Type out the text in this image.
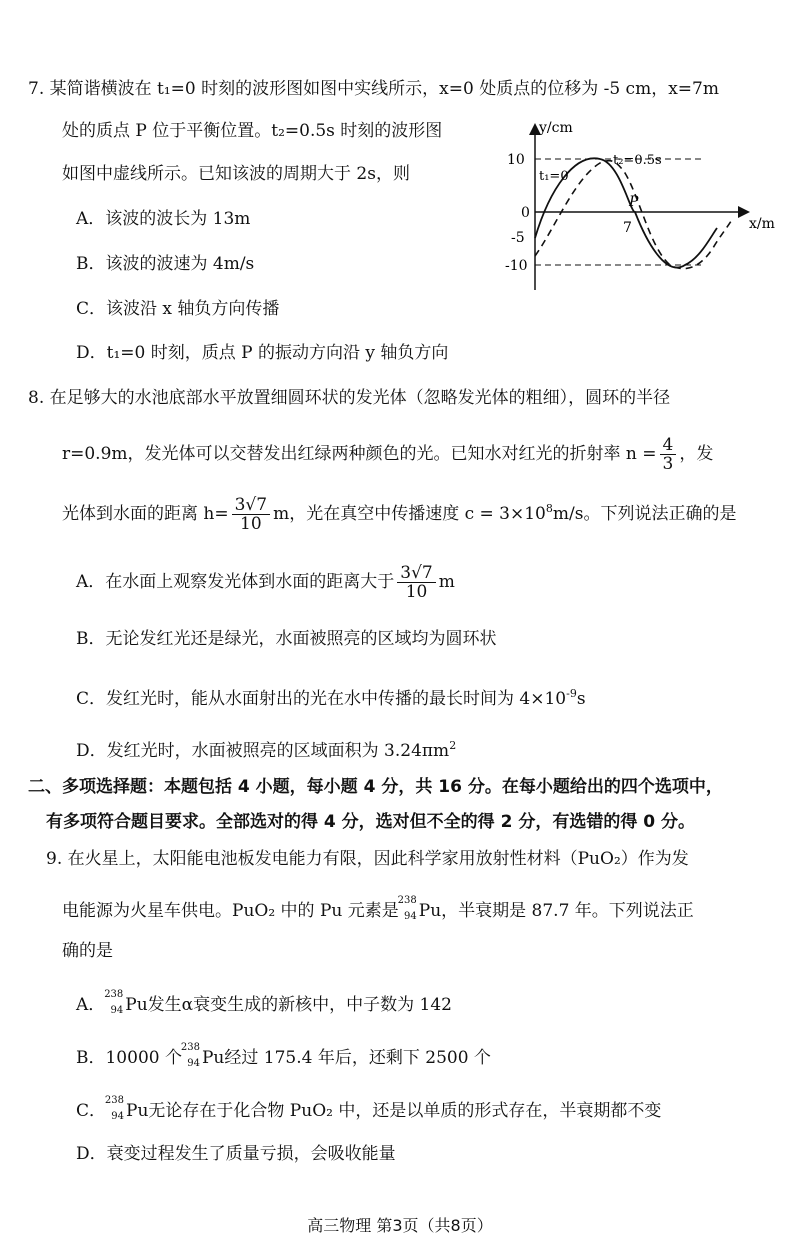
7. 某简谐横波在 t₁=0 时刻的波形图如图中实线所示，x=0 处质点的位移为 -5 cm，x=7m
处的质点 P 位于平衡位置。t₂=0.5s 时刻的波形图
如图中虚线所示。已知该波的周期大于 2s，则
A．该波的波长为 13m
B．该波的波速为 4m/s
C．该波沿 x 轴负方向传播
D．t₁=0 时刻，质点 P 的振动方向沿 y 轴负方向
y/cm
x/m
10
0
-5
-10
7
P
t₁=0
t₂=0.5s
8. 在足够大的水池底部水平放置细圆环状的发光体（忽略发光体的粗细），圆环的半径
r=0.9m，发光体可以交替发出红绿两种颜色的光。已知水对红光的折射率 $n = \frac{4}{3}$ ，发
光体到水面的距离 $h= \frac{3√7}{10}$ m，光在真空中传播速度 $c = 3\times 10^8m/s$。下列说法正确的是
A．在水面上观察发光体到水面的距离大于 $\frac{3√7}{10}$ m
B．无论发红光还是绿光，水面被照亮的区域均为圆环状
C．发红光时，能从水面射出的光在水中传播的最长时间为 $4\times 10^{-9}s$
D．发红光时，水面被照亮的区域面积为 $3.24\pi m^2$
二、多项选择题：本题包括 4 小题，每小题 4 分，共 16 分。在每小题给出的四个选项中，
有多项符合题目要求。全部选对的得 4 分，选对但不全的得 2 分，有选错的得 0 分。
9. 在火星上，太阳能电池板发电能力有限，因此科学家用放射性材料（PuO₂）作为发
电能源为火星车供电。PuO₂ 中的 Pu 元素是
238
94 Pu，半衰期是 87.7 年。下列说法正
确的是
A．
238
94 Pu发生α衰变生成的新核中，中子数为 142
B．10000 个
238
94 Pu经过 175.4 年后，还剩下 2500 个
C．
238
94 Pu无论存在于化合物 PuO₂ 中，还是以单质的形式存在，半衰期都不变
D．衰变过程发生了质量亏损，会吸收能量
高三物理 第3页（共8页）
